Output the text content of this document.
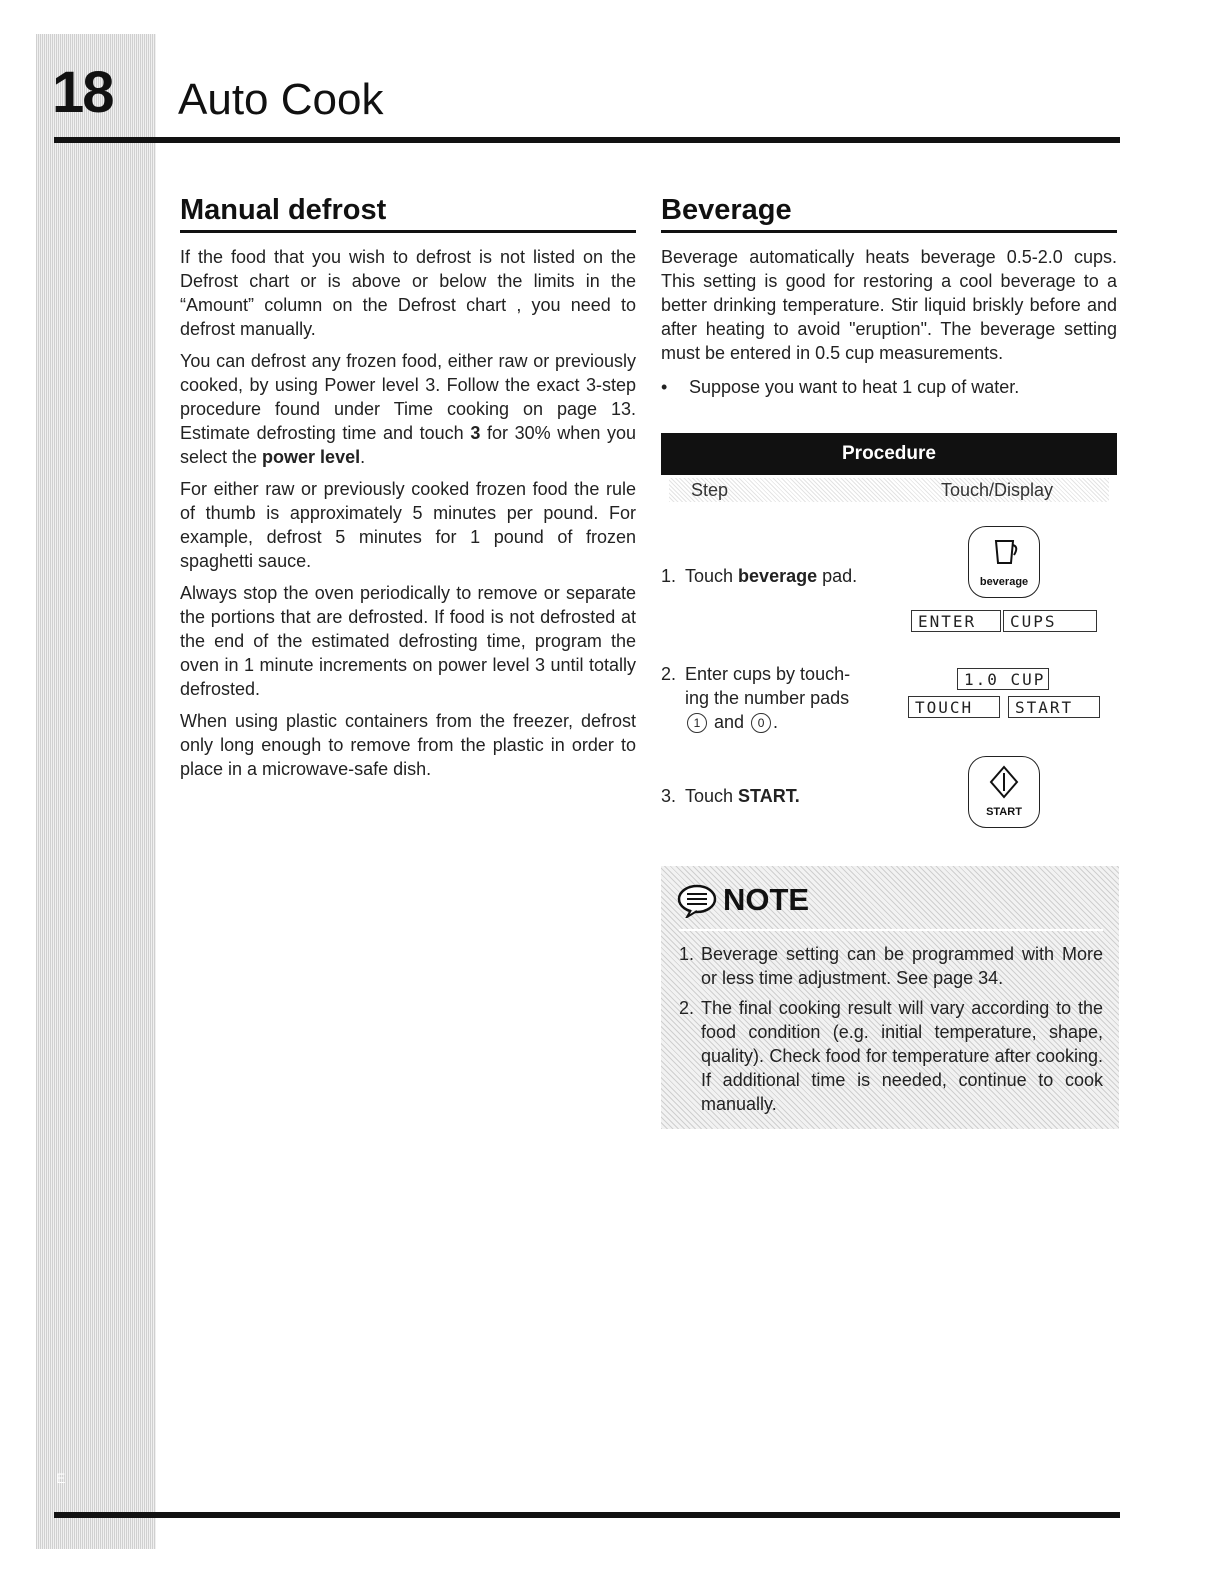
18 Auto Cook
Manual defrost

If the food that you wish to defrost is not listed on the Defrost chart or is above or below the limits in the “Amount” column on the Defrost chart , you need to defrost manually.

You can defrost any frozen food, either raw or previously cooked, by using Power level 3. Follow the exact 3-step procedure found under Time cooking on page 13. Estimate defrosting time and touch 3 for 30% when you select the power level.

For either raw or previously cooked frozen food the rule of thumb is approximately 5 minutes per pound. For example, defrost 5 minutes for 1 pound of frozen spaghetti sauce.

Always stop the oven periodically to remove or separate the portions that are defrosted. If food is not defrosted at the end of the estimated defrosting time, program the oven in 1 minute increments on power level 3 until totally defrosted.

When using plastic containers from the freezer, defrost only long enough to remove from the plastic in order to place in a microwave-safe dish.

Beverage

Beverage automatically heats beverage 0.5-2.0 cups. This setting is good for restoring a cool beverage to a better drinking temperature. Stir liquid briskly before and after heating to avoid "eruption". The beverage setting must be entered in 0.5 cup measurements.

• Suppose you want to heat 1 cup of water.

Procedure
Step	Touch/Display
1. Touch beverage pad.	beverage
ENTER	CUPS
2. Enter cups by touch-
ing the number pads
1 and 0 .
1.0 CUP
TOUCH	START
3. Touch START.
START
NOTE
1. Beverage setting can be programmed with More or less time adjustment. See page 34.
2. The final cooking result will vary according to the food condition (e.g. initial temperature, shape, quality). Check food for temperature after cooking. If additional time is needed, continue to cook manually.
E
